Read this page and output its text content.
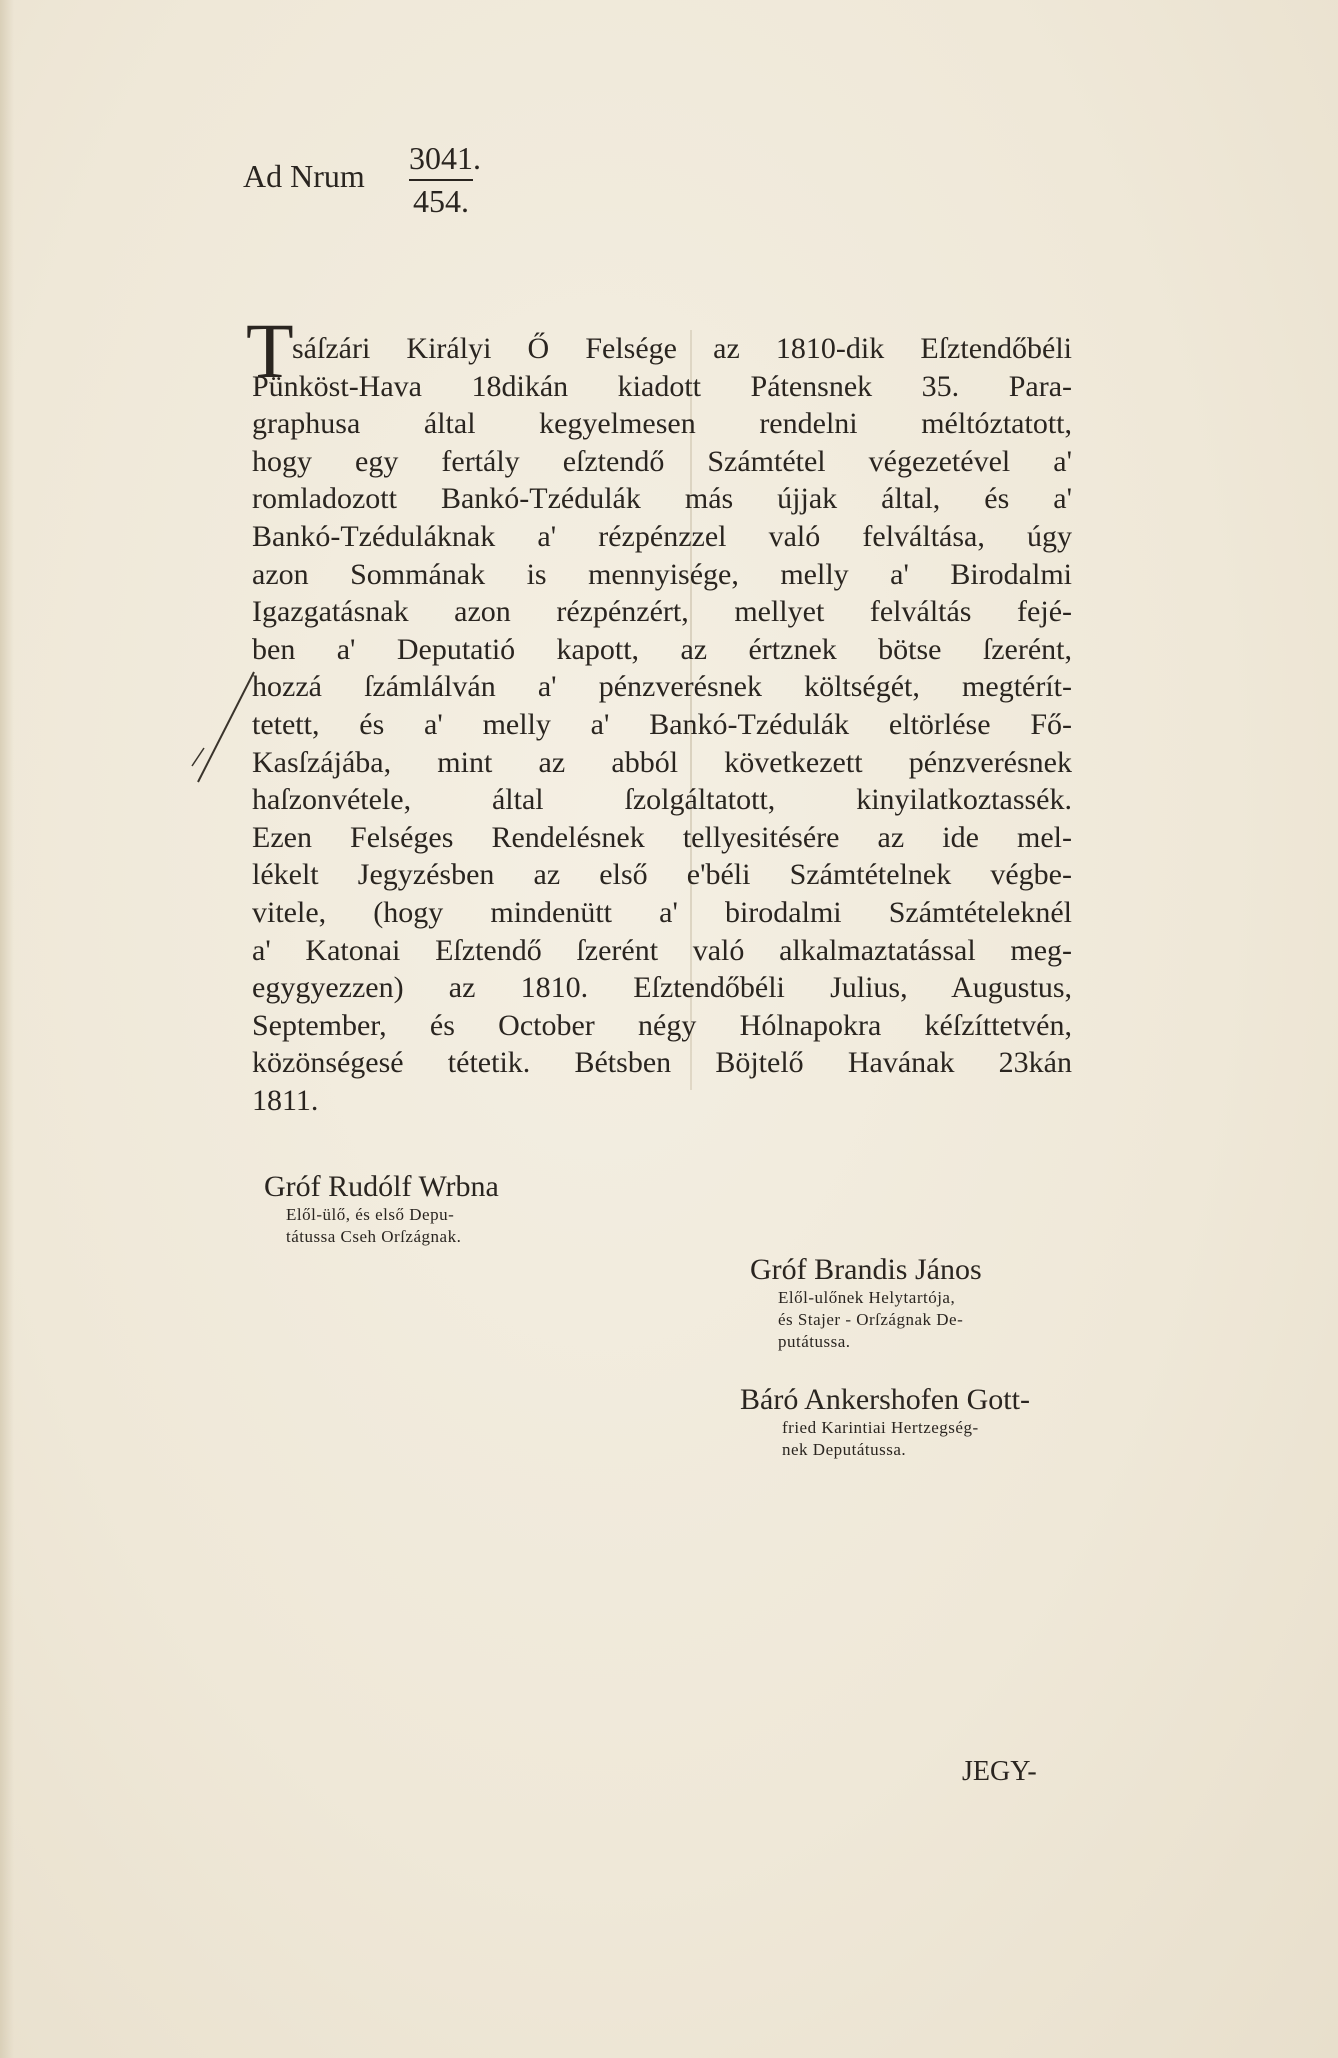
Ad Nrum $\frac{3041.}{454.}$
T
sáſzári Királyi Ő Felsége az 1810-dik Eſztendőbéli
Pünköst-Hava 18dikán kiadott Pátensnek 35. Para-
graphusa által kegyelmesen rendelni méltóztatott,
hogy egy fertály eſztendő Számtétel végezetével a'
romladozott Bankó-Tzédulák más újjak által, és a'
Bankó-Tzéduláknak a' rézpénzzel való felváltása, úgy
azon Sommának is mennyisége, melly a' Birodalmi
Igazgatásnak azon rézpénzért, mellyet felváltás fejé-
ben a' Deputatió kapott, az értznek bötse ſzerént,
hozzá ſzámlálván a' pénzverésnek költségét, megtérít-
tetett, és a' melly a' Bankó-Tzédulák eltörlése Fő-
Kasſzájába, mint az abból következett pénzverésnek
haſzonvétele, által ſzolgáltatott, kinyilatkoztassék.
Ezen Felséges Rendelésnek tellyesitésére az ide mel-
lékelt Jegyzésben az első e'béli Számtételnek végbe-
vitele, (hogy mindenütt a' birodalmi Számtételeknél
a' Katonai Eſztendő ſzerént való alkalmaztatással meg-
egygyezzen) az 1810. Eſztendőbéli Julius, Augustus,
September, és October négy Hólnapokra kéſzíttetvén,
közönségesé tétetik. Bétsben Böjtelő Havának 23kán
1811.
Gróf Rudólf Wrbna
Elől-ülő, és első Depu-
tátussa Cseh Orſzágnak.
Gróf Brandis János
Elől-ulőnek Helytartója,
és Stajer - Orſzágnak De-
putátussa.
Báró Ankershofen Gott-
fried Karintiai Hertzegség-
nek Deputátussa.
JEGY-
